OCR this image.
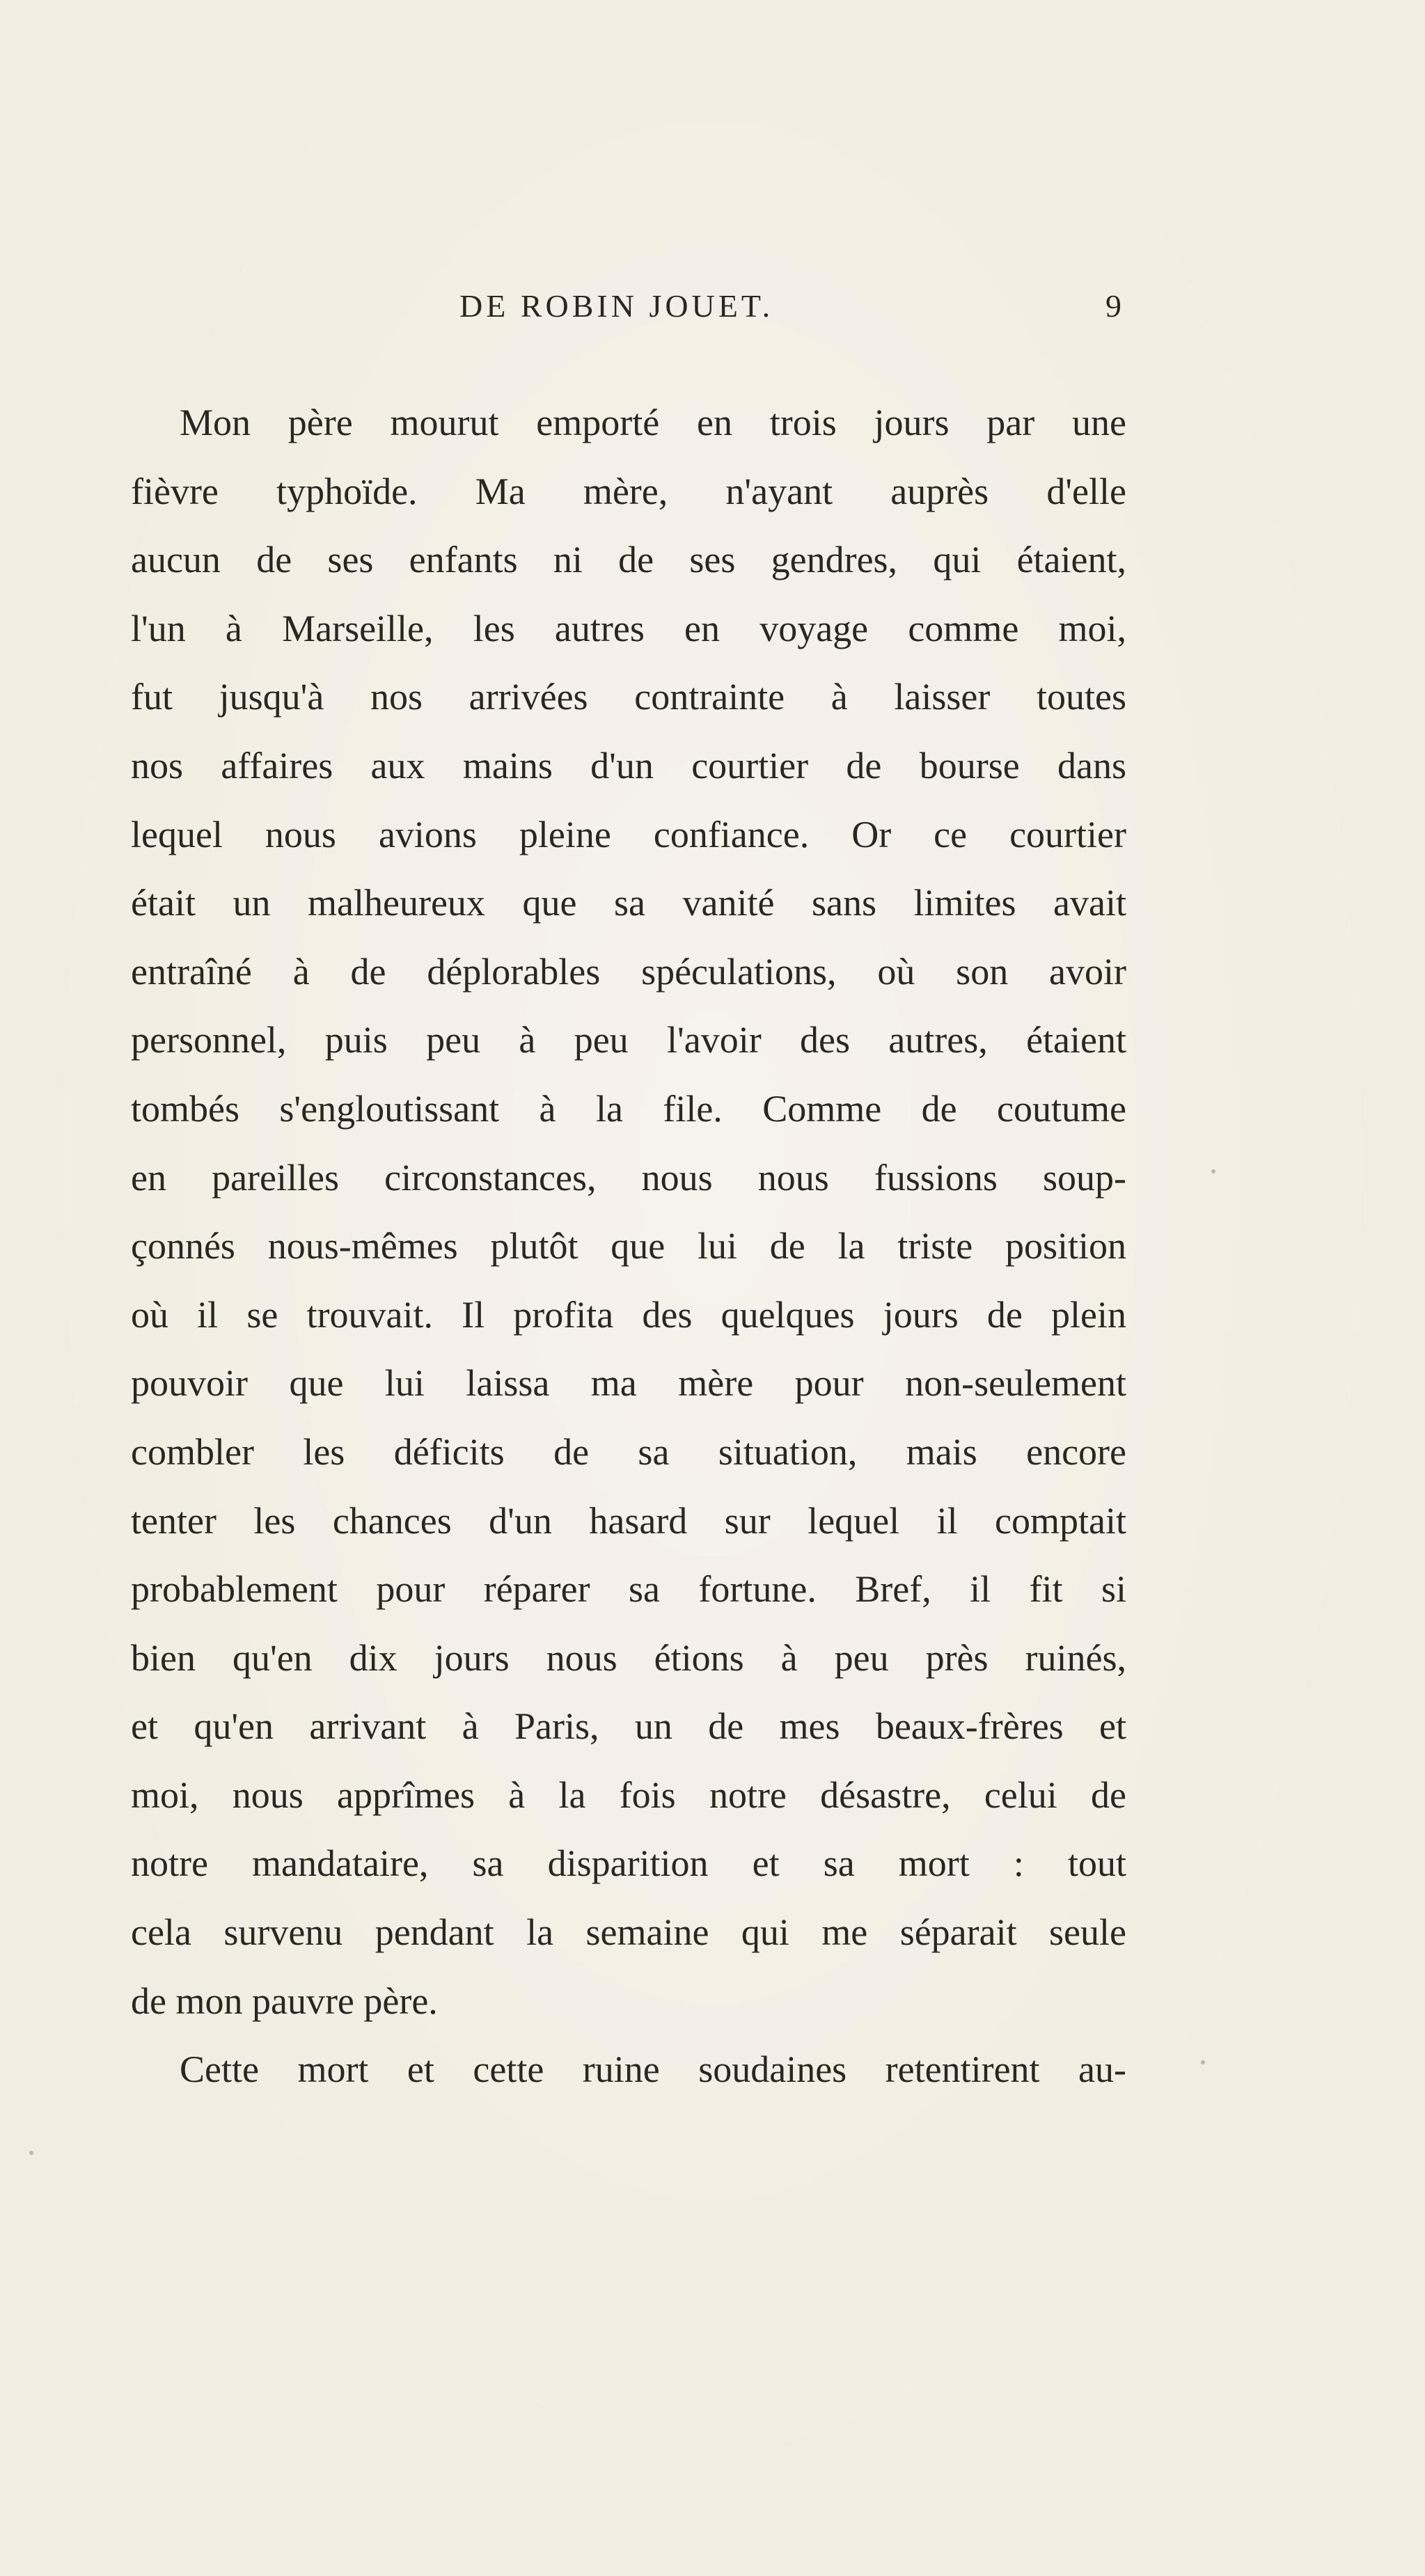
DE ROBIN JOUET.	9
Mon père mourut emporté en trois jours par une
fièvre typhoïde. Ma mère, n'ayant auprès d'elle
aucun de ses enfants ni de ses gendres, qui étaient,
l'un à Marseille, les autres en voyage comme moi,
fut jusqu'à nos arrivées contrainte à laisser toutes
nos affaires aux mains d'un courtier de bourse dans
lequel nous avions pleine confiance. Or ce courtier
était un malheureux que sa vanité sans limites avait
entraîné à de déplorables spéculations, où son avoir
personnel, puis peu à peu l'avoir des autres, étaient
tombés s'engloutissant à la file. Comme de coutume
en pareilles circonstances, nous nous fussions soup-
çonnés nous-mêmes plutôt que lui de la triste position
où il se trouvait. Il profita des quelques jours de plein
pouvoir que lui laissa ma mère pour non-seulement
combler les déficits de sa situation, mais encore
tenter les chances d'un hasard sur lequel il comptait
probablement pour réparer sa fortune. Bref, il fit si
bien qu'en dix jours nous étions à peu près ruinés,
et qu'en arrivant à Paris, un de mes beaux-frères et
moi, nous apprîmes à la fois notre désastre, celui de
notre mandataire, sa disparition et sa mort : tout
cela survenu pendant la semaine qui me séparait seule
de mon pauvre père.
Cette mort et cette ruine soudaines retentirent au-
